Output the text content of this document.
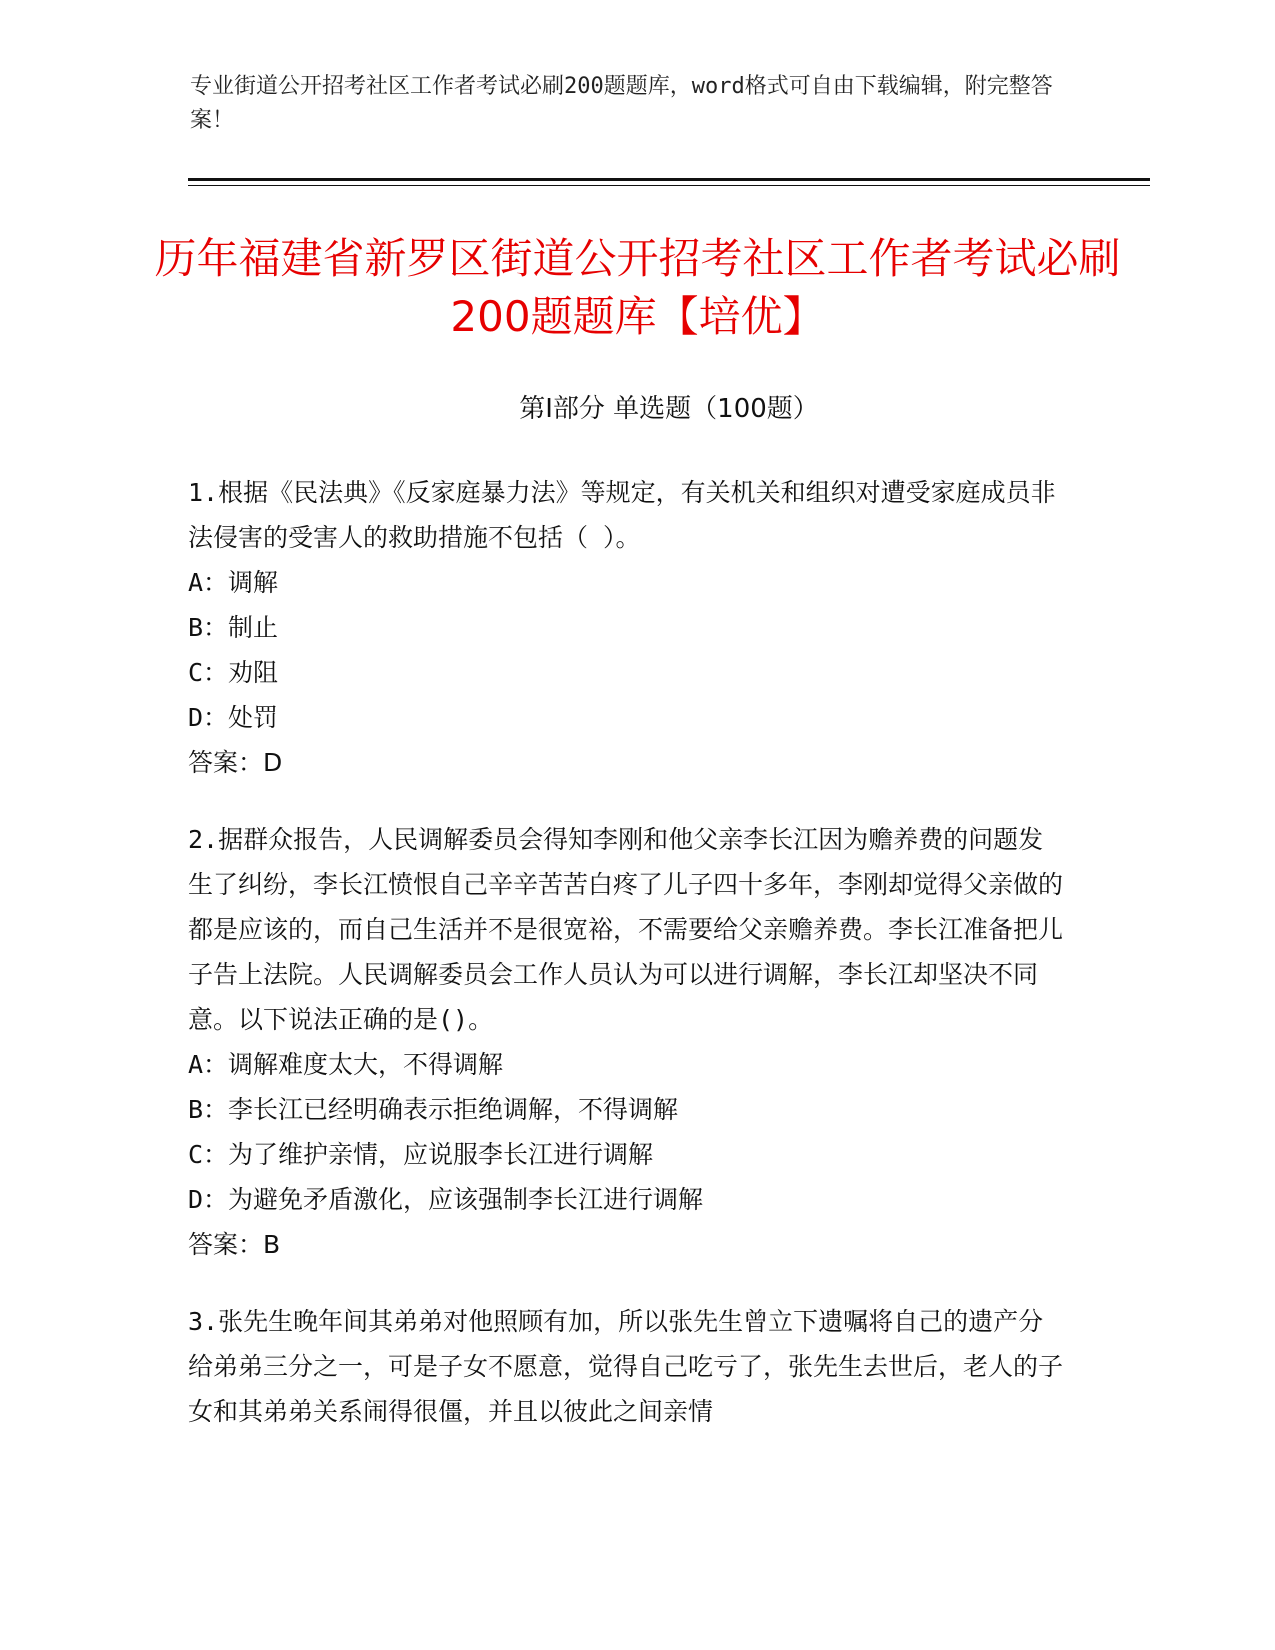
专业街道公开招考社区工作者考试必刷200题题库，word格式可自由下载编辑，附完整答案！
历年福建省新罗区街道公开招考社区工作者考试必刷200题题库【培优】
第Ⅰ部分 单选题（100题）

1.根据《民法典》《反家庭暴力法》等规定，有关机关和组织对遭受家庭成员非法侵害的受害人的救助措施不包括（ ）。

A：调解

B：制止

C：劝阻

D：处罚

答案：D

2.据群众报告，人民调解委员会得知李刚和他父亲李长江因为赡养费的问题发生了纠纷，李长江愤恨自己辛辛苦苦白疼了儿子四十多年，李刚却觉得父亲做的都是应该的，而自己生活并不是很宽裕，不需要给父亲赡养费。李长江准备把儿子告上法院。人民调解委员会工作人员认为可以进行调解，李长江却坚决不同意。以下说法正确的是()。

A：调解难度太大，不得调解

B：李长江已经明确表示拒绝调解，不得调解

C：为了维护亲情，应说服李长江进行调解

D：为避免矛盾激化，应该强制李长江进行调解

答案：B

3.张先生晚年间其弟弟对他照顾有加，所以张先生曾立下遗嘱将自己的遗产分给弟弟三分之一，可是子女不愿意，觉得自己吃亏了，张先生去世后，老人的子女和其弟弟关系闹得很僵，并且以彼此之间亲情
